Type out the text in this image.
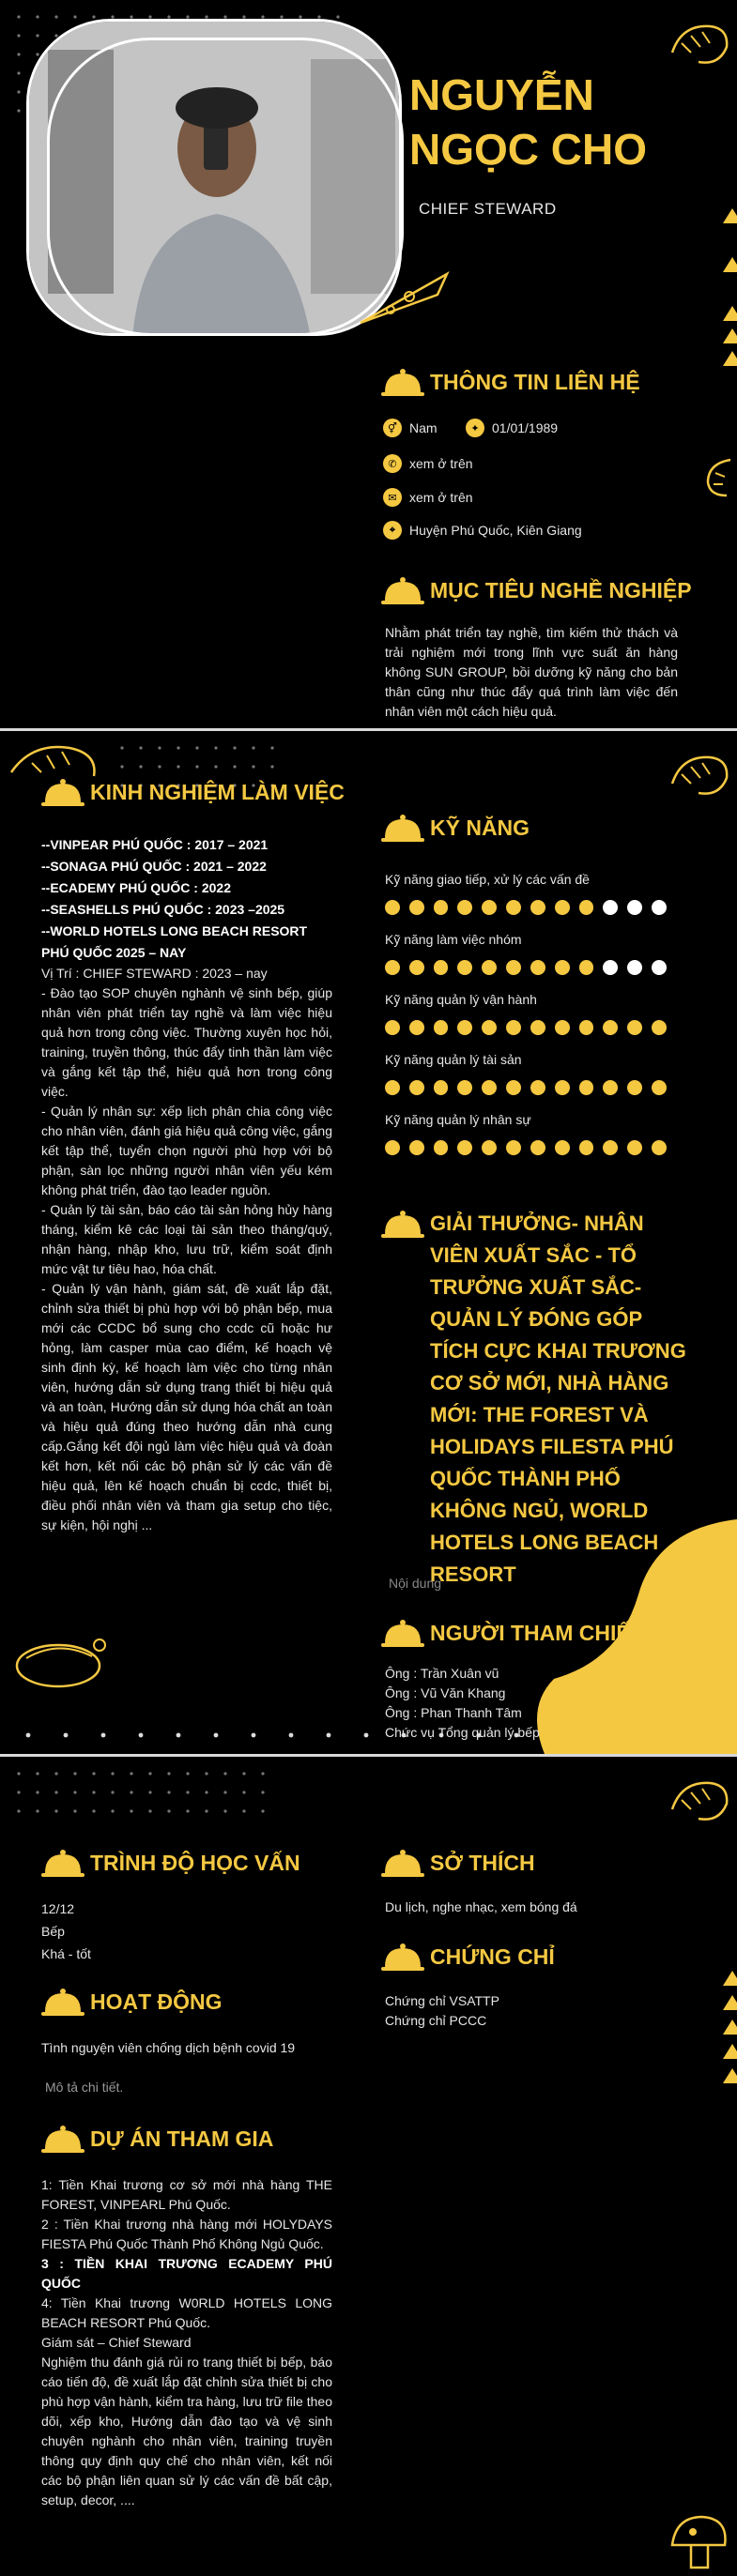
NGUYỄN NGỌC CHO
CHIEF STEWARD
THÔNG TIN LIÊN HỆ
⚥ Nam	✦ 01/01/1989
✆ xem ở trên
✉ xem ở trên
⌖	Huyện Phú Quốc, Kiên Giang
MỤC TIÊU NGHỀ NGHIỆP

Nhằm phát triển tay nghề, tìm kiếm thử thách và trải nghiệm mới trong lĩnh vực suất ăn hàng không SUN GROUP, bồi dưỡng kỹ năng cho bản thân cũng như thúc đẩy quá trình làm việc đến nhân viên một cách hiệu quả.

KINH NGHIỆM LÀM VIỆC
--VINPEAR PHÚ QUỐC : 2017 – 2021
--SONAGA PHÚ QUỐC : 2021 – 2022
--ECADEMY PHÚ QUỐC : 2022
--SEASHELLS PHÚ QUỐC : 2023 –2025
--WORLD HOTELS LONG BEACH RESORT PHÚ QUỐC 2025 – NAY
Vị Trí : CHIEF STEWARD : 2023 – nay
- Đào tạo SOP chuyên nghành vệ sinh bếp, giúp nhân viên phát triển tay nghề và làm việc hiệu quả hơn trong công việc. Thường xuyên học hỏi, training, truyền thông, thúc đẩy tinh thần làm việc và gắng kết tập thể, hiệu quả hơn trong công việc.
- Quản lý nhân sự: xếp lịch phân chia công việc cho nhân viên, đánh giá hiệu quả công việc, gắng kết tập thể, tuyển chọn người phù hợp với bộ phận, sàn lọc những người nhân viên yếu kém không phát triển, đào tạo leader nguồn.
- Quản lý tài sản, báo cáo tài sản hỏng hủy hàng tháng, kiểm kê các loại tài sản theo tháng/quý, nhận hàng, nhập kho, lưu trữ, kiểm soát định mức vật tư tiêu hao, hóa chất.
- Quản lý vận hành, giám sát, đề xuất lắp đặt, chỉnh sửa thiết bị phù hợp với bộ phận bếp, mua mới các CCDC bổ sung cho ccdc cũ hoặc hư hỏng, làm casper mùa cao điểm, kế hoạch vệ sinh định kỳ, kế hoạch làm việc cho từng nhân viên, hướng dẫn sử dụng trang thiết bị hiệu quả và an toàn, Hướng dẫn sử dụng hóa chất an toàn và hiệu quả đúng theo hướng dẫn nhà cung cấp.Gắng kết đội ngủ làm việc hiệu quả và đoàn kết hơn, kết nối các bộ phận sử lý các vấn đề hiệu quả, lên kế hoạch chuẩn bị ccdc, thiết bị, điều phối nhân viên và tham gia setup cho tiệc, sự kiện, hội nghị ...
KỸ NĂNG
Kỹ năng giao tiếp, xử lý các vấn đề
Kỹ năng làm việc nhóm
Kỹ năng quản lý vận hành
Kỹ năng quản lý tài sản
Kỹ năng quản lý nhân sự
GIẢI THƯỞNG- NHÂN VIÊN XUẤT SẮC - TỔ TRƯỞNG XUẤT SẮC- QUẢN LÝ ĐÓNG GÓP TÍCH CỰC KHAI TRƯƠNG CƠ SỞ MỚI, NHÀ HÀNG MỚI: THE FOREST VÀ HOLIDAYS FILESTA PHÚ QUỐC THÀNH PHỐ KHÔNG NGỦ, WORLD HOTELS LONG BEACH RESORT
Nội dung
NGƯỜI THAM CHIẾU
Ông : Trần Xuân vũ
Ông : Vũ Văn Khang
Ông : Phan Thanh Tâm
Chức vụ Tổng quản lý bếp
TRÌNH ĐỘ HỌC VẤN
12/12
Bếp
Khá - tốt
HOẠT ĐỘNG
Tình nguyện viên chống dịch bệnh covid 19
Mô tả chi tiết.
DỰ ÁN THAM GIA
1: Tiền Khai trương cơ sở mới nhà hàng THE FOREST, VINPEARL Phú Quốc.
2 : Tiền Khai trương nhà hàng mới HOLYDAYS FIESTA Phú Quốc Thành Phố Không Ngủ Quốc.
3 : TIỀN KHAI TRƯƠNG ECADEMY PHÚ QUỐC
4: Tiền Khai trương W0RLD HOTELS LONG BEACH RESORT Phú Quốc.
Giám sát – Chief Steward
Nghiệm thu đánh giá rủi ro trang thiết bị bếp, báo cáo tiến độ, đề xuất lắp đặt chỉnh sửa thiết bị cho phù hợp vận hành, kiểm tra hàng, lưu trữ file theo dõi, xếp kho, Hướng dẫn đào tạo và vệ sinh chuyên nghành cho nhân viên, training truyền thông quy định quy chế cho nhân viên, kết nối các bộ phận liên quan sử lý các vấn đề bất cập, setup, decor, ....
SỞ THÍCH
Du lịch, nghe nhạc, xem bóng đá
CHỨNG CHỈ
Chứng chỉ VSATTP
Chứng chỉ PCCC
